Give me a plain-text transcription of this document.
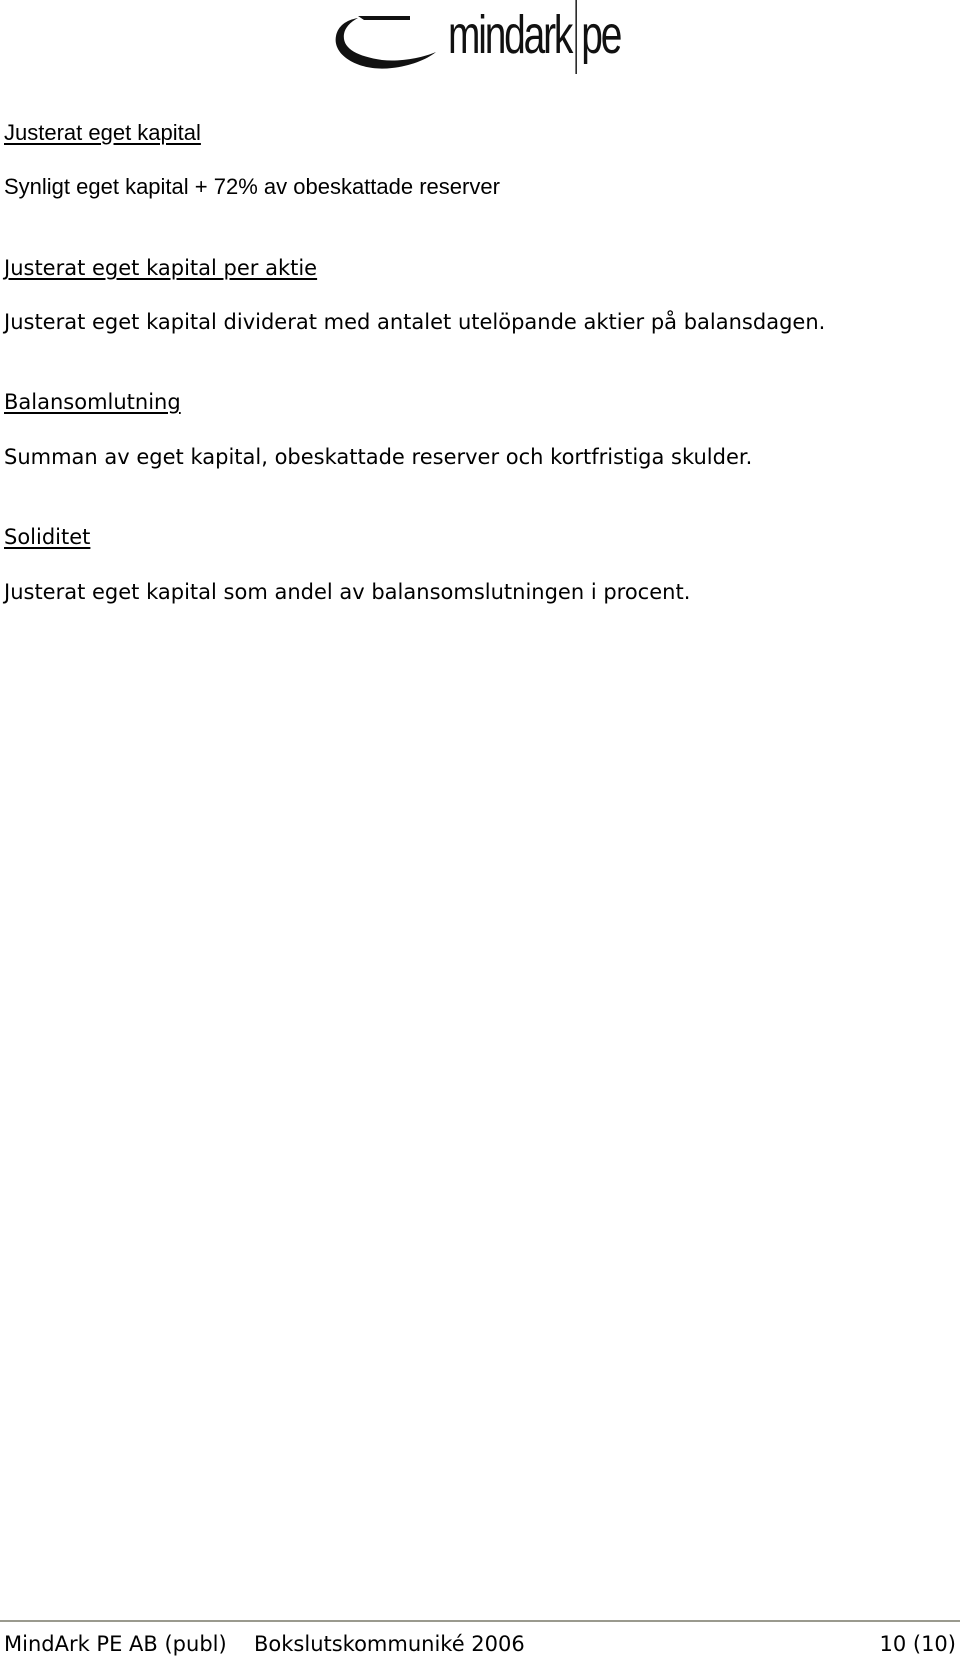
mindark pe
Justerat eget kapital
Synligt eget kapital + 72% av obeskattade reserver
Justerat eget kapital per aktie
Justerat eget kapital dividerat med antalet utelöpande aktier på balansdagen.
Balansomlutning
Summan av eget kapital, obeskattade reserver och kortfristiga skulder.
Soliditet
Justerat eget kapital som andel av balansomslutningen i procent.
MindArk PE AB (publ) Bokslutskommuniké 2006	10 (10)
